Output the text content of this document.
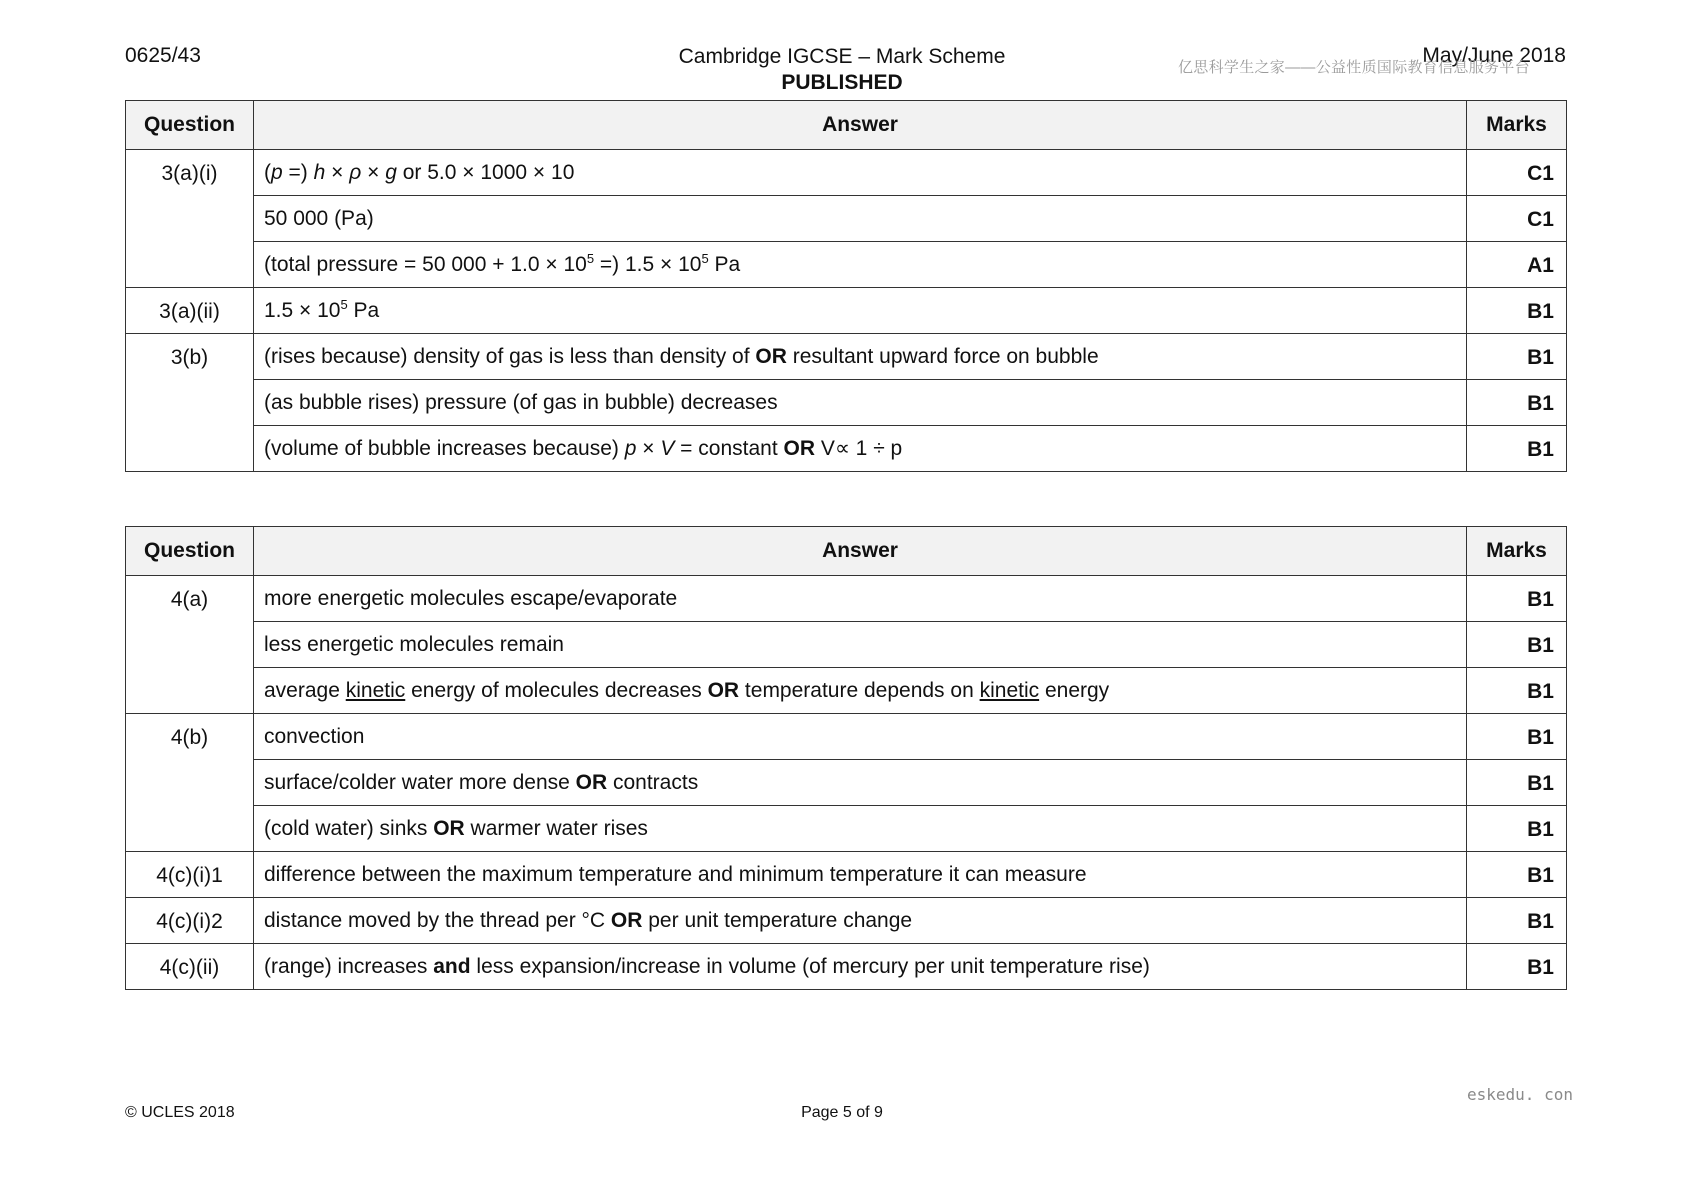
0625/43	Cambridge IGCSE – Mark Scheme
PUBLISHED
May/June 2018
亿思科学生之家——公益性质国际教育信息服务平台
Question	Answer	Marks
3(a)(i)	(p =) h × ρ × g or 5.0 × 1000 × 10	C1
	50 000 (Pa)	C1
	(total pressure = 50 $000 + 1.0 \times 10^5$ =) $1.5 \times 10^5$ Pa	A1
3(a)(ii)	$1.5 \times 10^5$ Pa	B1
3(b)	(rises because) density of gas is less than density of OR resultant upward force on bubble	B1
	(as bubble rises) pressure (of gas in bubble) decreases	B1
	(volume of bubble increases because) p × V = constant OR V∝ 1 ÷ p	B1
Question	Answer	Marks
4(a)	more energetic molecules escape/evaporate	B1
	less energetic molecules remain	B1
	average kinetic energy of molecules decreases OR temperature depends on kinetic energy	B1
4(b)	convection	B1
	surface/colder water more dense OR contracts	B1
	(cold water) sinks OR warmer water rises	B1
4(c)(i)1	difference between the maximum temperature and minimum temperature it can measure	B1
4(c)(i)2	distance moved by the thread per °C OR per unit temperature change	B1
4(c)(ii)	(range) increases and less expansion/increase in volume (of mercury per unit temperature rise)	B1
eskedu. con
© UCLES 2018	Page 5 of 9
